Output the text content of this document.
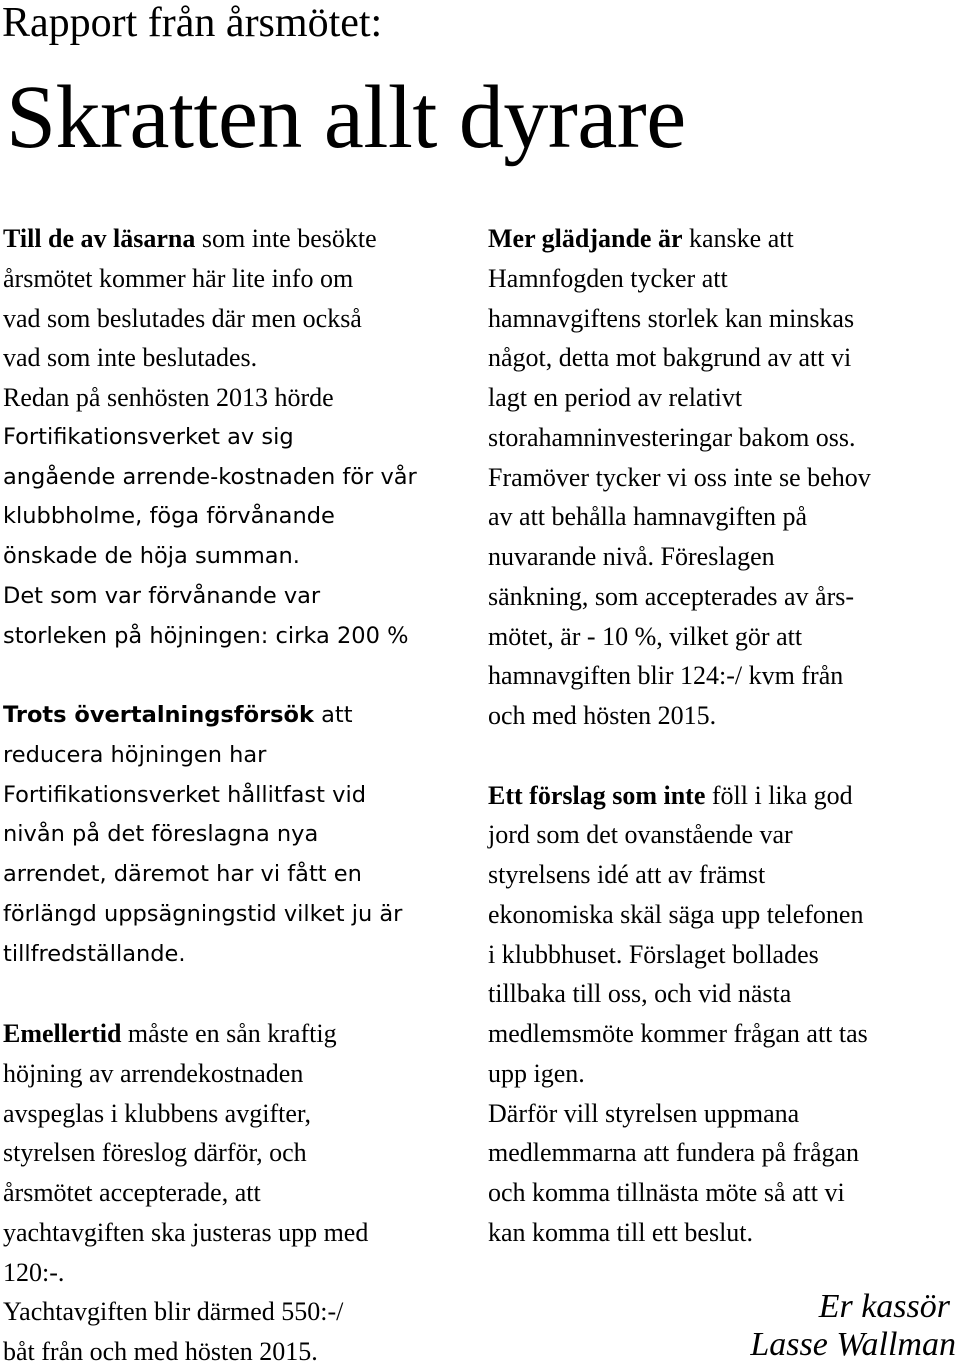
Rapport från årsmötet:
Skratten allt dyrare
Till de av läsarna som inte besökte
årsmötet kommer här lite info om
vad som beslutades där men också
vad som inte beslutades.
Redan på senhösten 2013 hörde
Fortifikationsverket av sig
angående arrende-kostnaden för vår
klubbholme, föga förvånande
önskade de höja summan.
Det som var förvånande var
storleken på höjningen: cirka 200 %
Trots övertalningsförsök att
reducera höjningen har
Fortifikationsverket hållitfast vid
nivån på det föreslagna nya
arrendet, däremot har vi fått en
förlängd uppsägningstid vilket ju är
tillfredställande.
Emellertid måste en sån kraftig
höjning av arrendekostnaden
avspeglas i klubbens avgifter,
styrelsen föreslog därför, och
årsmötet accepterade, att
yachtavgiften ska justeras upp med
120:-.
Yachtavgiften blir därmed 550:-/
båt från och med hösten 2015.
Mer glädjande är kanske att
Hamnfogden tycker att
hamnavgiftens storlek kan minskas
något, detta mot bakgrund av att vi
lagt en period av relativt
storahamninvesteringar bakom oss.
Framöver tycker vi oss inte se behov
av att behålla hamnavgiften på
nuvarande nivå. Föreslagen
sänkning, som accepterades av års-
mötet, är - 10 %, vilket gör att
hamnavgiften blir 124:-/ kvm från
och med hösten 2015.
Ett förslag som inte föll i lika god
jord som det ovanstående var
styrelsens idé att av främst
ekonomiska skäl säga upp telefonen
i klubbhuset. Förslaget bollades
tillbaka till oss, och vid nästa
medlemsmöte kommer frågan att tas
upp igen.
Därför vill styrelsen uppmana
medlemmarna att fundera på frågan
och komma tillnästa möte så att vi
kan komma till ett beslut.
Er kassör
Lasse Wallman
